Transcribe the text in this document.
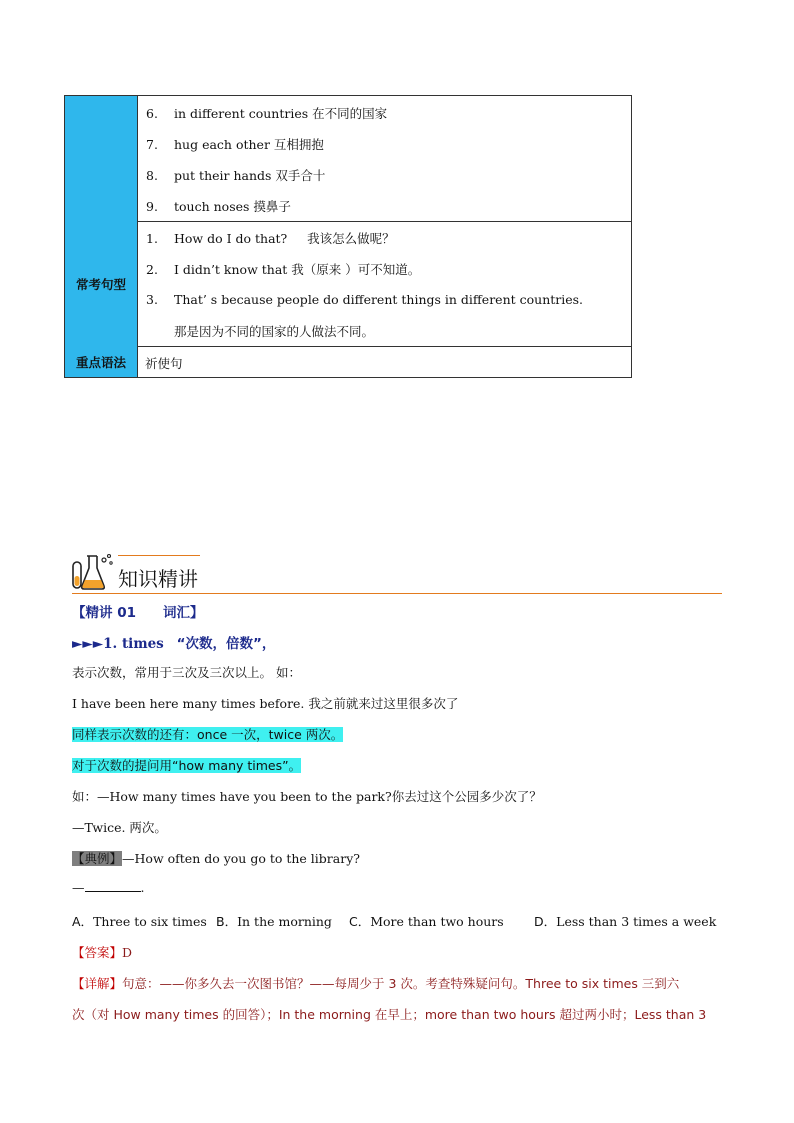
常考句型
重点语法
6. in different countries 在不同的国家
7. hug each other 互相拥抱
8. put their hands 双手合十
9. touch noses 摸鼻子
1. How do I do that? 我该怎么做呢？
2. I didn’t know that 我（原来 ）可不知道。
3. That’ s because people do different things in different countries.
那是因为不同的国家的人做法不同。
祈使句
知识精讲
【精讲 01　　词汇】
►►►1. times “次数，倍数”，
表示次数，常用于三次及三次以上。 如：
I have been here many times before. 我之前就来过这里很多次了
同样表示次数的还有：once 一次，twice 两次。
对于次数的提问用“how many times”。
如：—How many times have you been to the park?你去过这个公园多少次了？
—Twice. 两次。
【典例】—How often do you go to the library?
—	.
A．Three to six times B．In the morning C．More than two hours D．Less than 3 times a week
【答案】D
【详解】句意：——你多久去一次图书馆？——每周少于 3 次。考查特殊疑问句。Three to six times 三到六
次（对 How many times 的回答）；In the morning 在早上；more than two hours 超过两小时；Less than 3
